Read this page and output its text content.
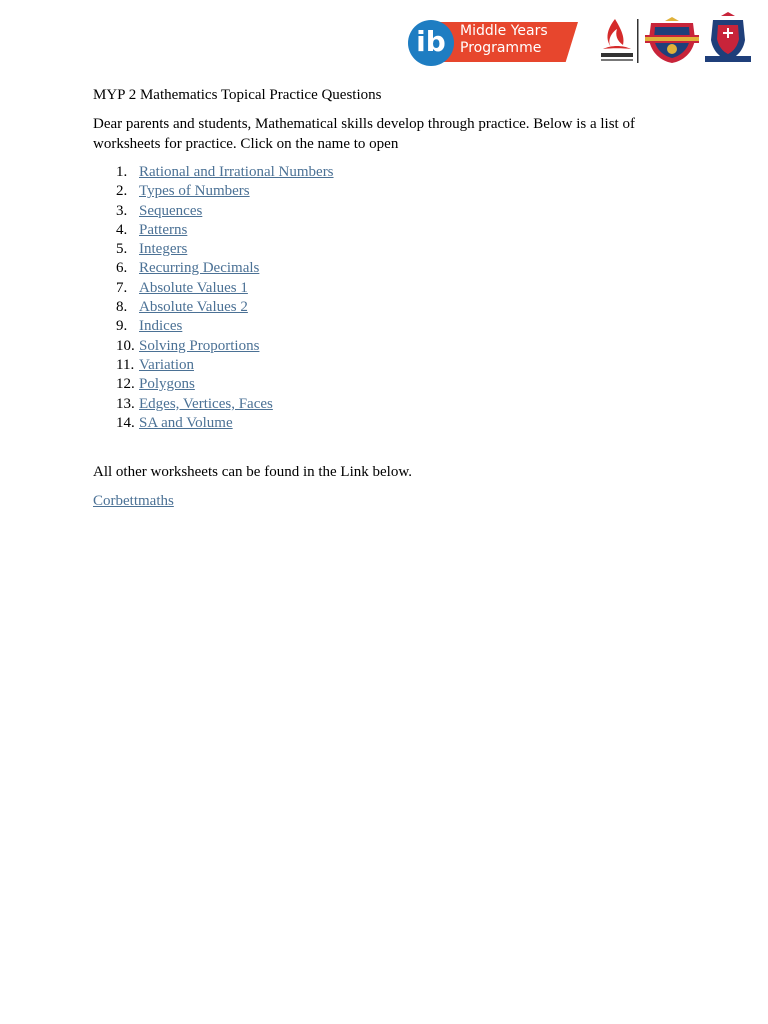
ib	Middle Years
Programme

MYP 2 Mathematics Topical Practice Questions

Dear parents and students, Mathematical skills develop through practice. Below is a list of worksheets for practice. Click on the name to open

1. Rational and Irrational Numbers
2. Types of Numbers
3. Sequences
4. Patterns
5. Integers
6. Recurring Decimals
7. Absolute Values 1
8. Absolute Values 2
9. Indices
10. Solving Proportions
11. Variation
12. Polygons
13. Edges, Vertices, Faces
14. SA and Volume

All other worksheets can be found in the Link below.

Corbettmaths
